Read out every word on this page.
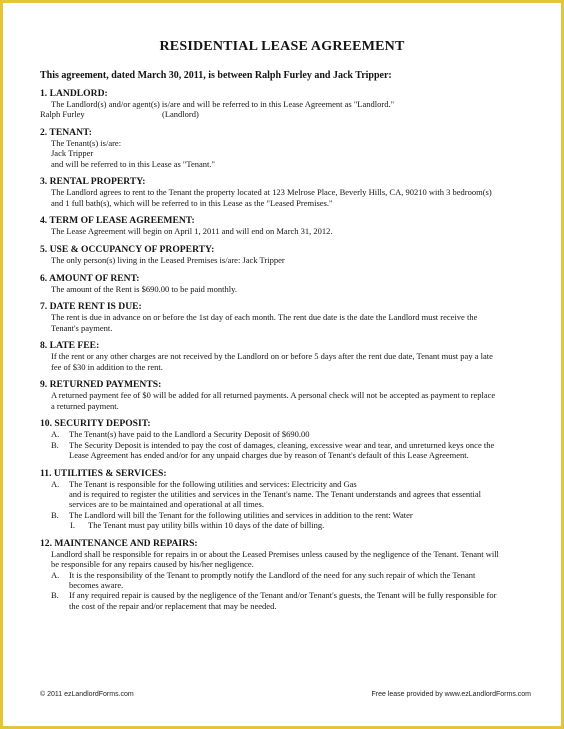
RESIDENTIAL LEASE AGREEMENT
This agreement, dated March 30, 2011, is between Ralph Furley and Jack Tripper:
1. LANDLORD:
The Landlord(s) and/or agent(s) is/are and will be referred to in this Lease Agreement as "Landlord."
Ralph Furley	(Landlord)
2. TENANT:
The Tenant(s) is/are:
Jack Tripper
and will be referred to in this Lease as "Tenant."
3. RENTAL PROPERTY:
The Landlord agrees to rent to the Tenant the property located at 123 Melrose Place, Beverly Hills, CA, 90210 with 3 bedroom(s)
and 1 full bath(s), which will be referred to in this Lease as the "Leased Premises."
4. TERM OF LEASE AGREEMENT:
The Lease Agreement will begin on April 1, 2011 and will end on March 31, 2012.
5. USE & OCCUPANCY OF PROPERTY:
The only person(s) living in the Leased Premises is/are: Jack Tripper
6. AMOUNT OF RENT:
The amount of the Rent is $690.00 to be paid monthly.
7. DATE RENT IS DUE:
The rent is due in advance on or before the 1st day of each month. The rent due date is the date the Landlord must receive the
Tenant's payment.
8. LATE FEE:
If the rent or any other charges are not received by the Landlord on or before 5 days after the rent due date, Tenant must pay a late
fee of $30 in addition to the rent.
9. RETURNED PAYMENTS:
A returned payment fee of $0 will be added for all returned payments. A personal check will not be accepted as payment to replace
a returned payment.
10. SECURITY DEPOSIT:
A.	The Tenant(s) have paid to the Landlord a Security Deposit of $690.00
B.	The Security Deposit is intended to pay the cost of damages, cleaning, excessive wear and tear, and unreturned keys once the
Lease Agreement has ended and/or for any unpaid charges due by reason of Tenant's default of this Lease Agreement.
11. UTILITIES & SERVICES:
A.	The Tenant is responsible for the following utilities and services: Electricity and Gas
and is required to register the utilities and services in the Tenant's name. The Tenant understands and agrees that essential
services are to be maintained and operational at all times.
B.	The Landlord will bill the Tenant for the following utilities and services in addition to the rent: Water
I.	The Tenant must pay utility bills within 10 days of the date of billing.
12. MAINTENANCE AND REPAIRS:
Landlord shall be responsible for repairs in or about the Leased Premises unless caused by the negligence of the Tenant. Tenant will
be responsible for any repairs caused by his/her negligence.
A.	It is the responsibility of the Tenant to promptly notify the Landlord of the need for any such repair of which the Tenant
becomes aware.
B.	If any required repair is caused by the negligence of the Tenant and/or Tenant's guests, the Tenant will be fully responsible for
the cost of the repair and/or replacement that may be needed.
© 2011 ezLandlordForms.com	Free lease provided by www.ezLandlordForms.com
